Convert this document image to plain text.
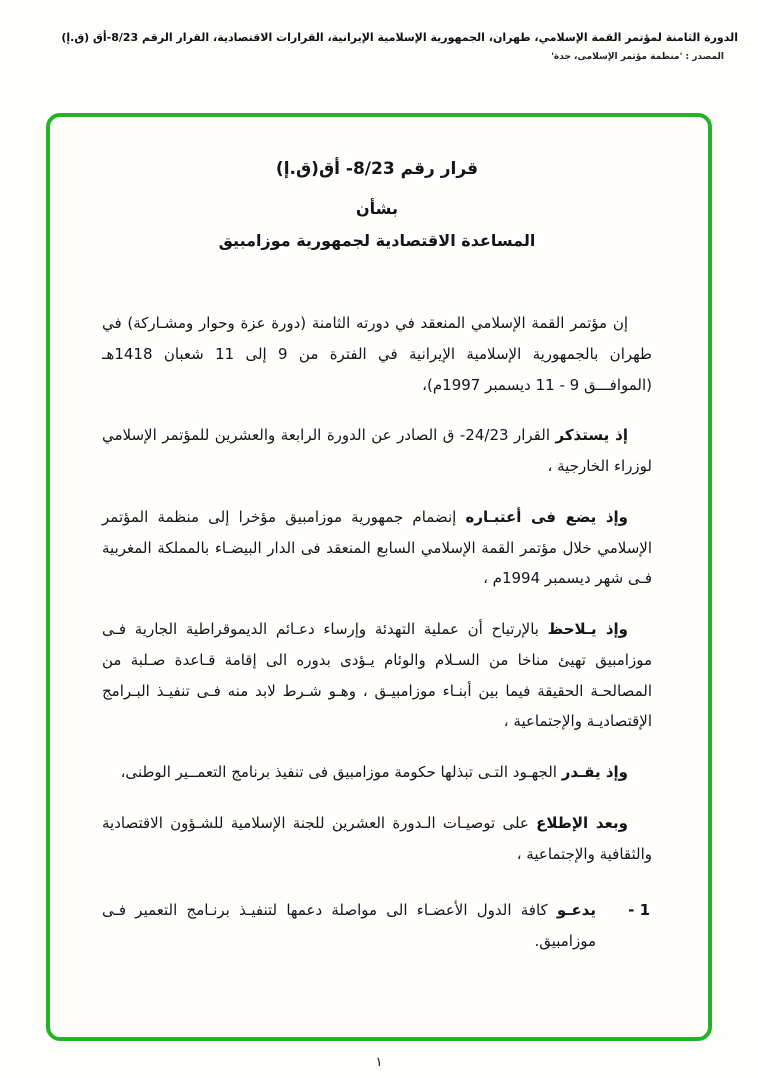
الدورة الثامنة لمؤتمر القمة الإسلامي، طهران، الجمهورية الإسلامية الإيرانية، القرارات الاقتصادية، القرار الرقم 8/23-أق (ق.إ)
المصدر : 'منظمة مؤتمر الإسلامى، جدة'
قرار رقم 8/23- أق(ق.إ)
بشأن
المساعدة الاقتصادية لجمهورية موزامبيق

إن مؤتمر القمة الإسلامي المنعقد في دورته الثامنة (دورة عزة وحوار ومشـاركة) في طهران بالجمهورية الإسلامية الإيرانية في الفترة من 9 إلى 11 شعبان 1418هـ (الموافـــق 9 - 11 ديسمبر 1997م)،

إذ يستذكر القرار 24/23- ق الصادر عن الدورة الرابعة والعشرين للمؤتمر الإسلامي لوزراء الخارجية ،

وإذ يضع فى أعتبـاره إنضمام جمهورية موزامبيق مؤخرا إلى منظمة المؤتمر الإسلامي خلال مؤتمر القمة الإسلامي السابع المنعقد فى الدار البيضـاء بالمملكة المغربية فـى شهر ديسمبر 1994م ،

وإذ يـلاحظ بالإرتياح أن عملية التهدئة وإرساء دعـائم الديموقراطية الجارية فـى موزامبيق تهيئ مناخا من السـلام والوئام يـؤدى بدوره الى إقامة قـاعدة صـلبة من المصالحـة الحقيقة فيما بين أبنـاء موزامبيـق ، وهـو شـرط لابد منه فـى تنفيـذ البـرامج الإقتصاديـة والإجتماعية ،

وإذ يقـدر الجهـود التـى تبذلها حكومة موزامبيق فى تنفيذ برنامج التعمــير الوطنى،

وبعد الإطلاع على توصيـات الـدورة العشرين للجنة الإسلامية للشـؤون الاقتصادية والثقافية والإجتماعية ،

1 -
يدعـو كافة الدول الأعضـاء الى مواصلة دعمها لتنفيـذ برنـامج التعمير فـى موزامبيق.
١
